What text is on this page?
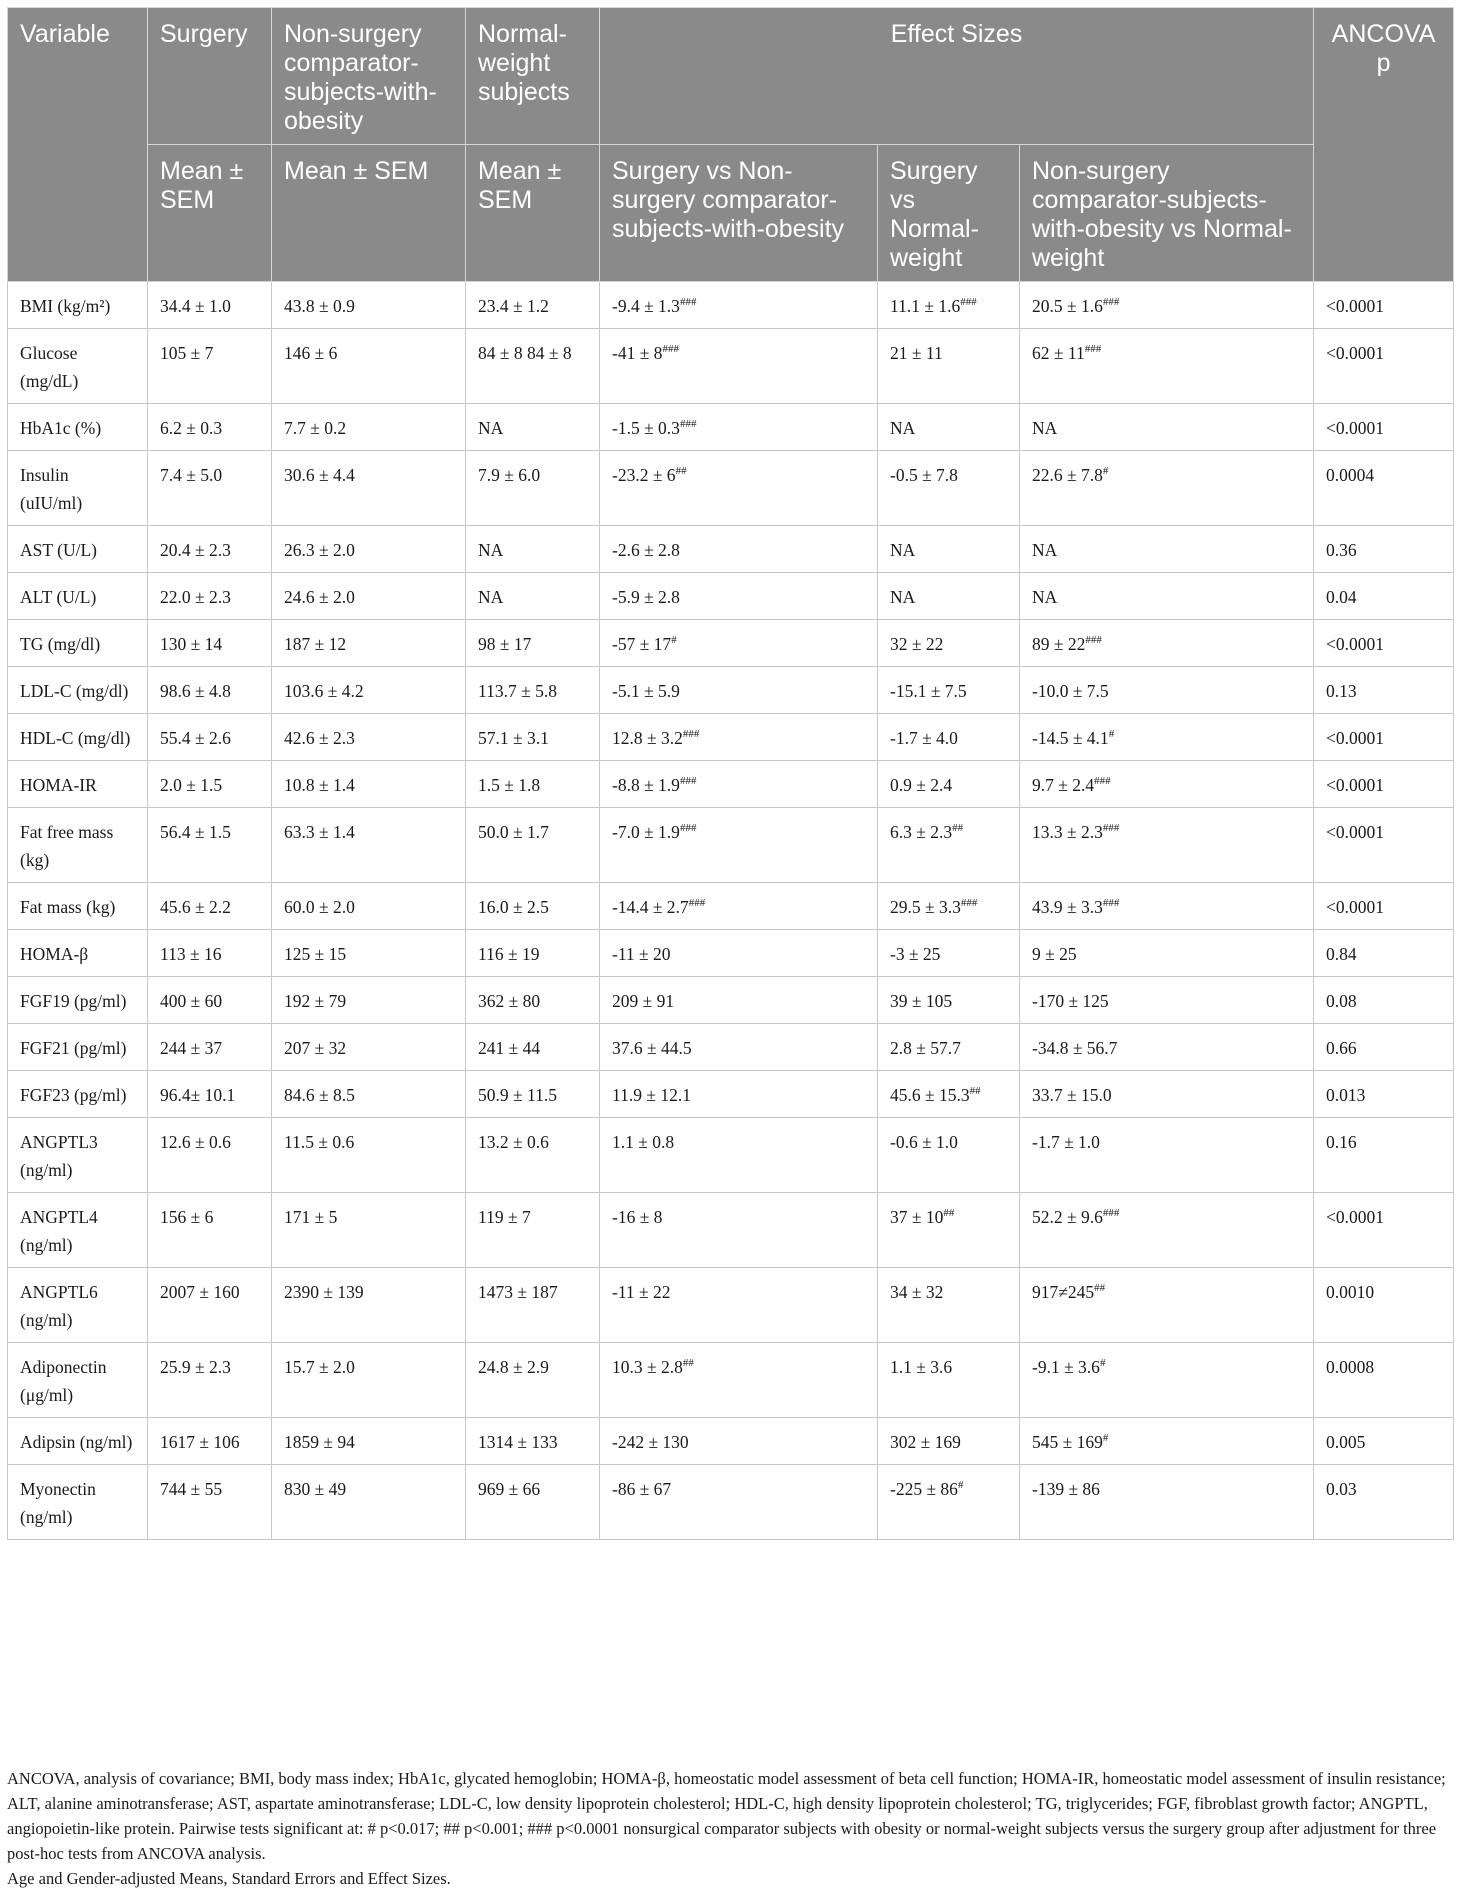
Variable	Surgery	Non-surgery comparator-subjects-with-obesity	Normal-weight subjects	Effect Sizes			ANCOVA p
	Mean ± SEM	Mean ± SEM	Mean ± SEM	Surgery vs Non-surgery comparator-subjects-with-obesity	Surgery vs Normal-weight	Non-surgery comparator-subjects-with-obesity vs Normal-weight	
BMI (kg/m²)	34.4 ± 1.0	43.8 ± 0.9	23.4 ± 1.2	-9.4 ± 1.3###	11.1 ± 1.6###	20.5 ± 1.6###	<0.0001
Glucose (mg/dL)	105 ± 7	146 ± 6	84 ± 8 84 ± 8	-41 ± 8###	21 ± 11	62 ± 11###	<0.0001
HbA1c (%)	6.2 ± 0.3	7.7 ± 0.2	NA	-1.5 ± 0.3###	NA	NA	<0.0001
Insulin (uIU/ml)	7.4 ± 5.0	30.6 ± 4.4	7.9 ± 6.0	-23.2 ± 6##	-0.5 ± 7.8	22.6 ± 7.8#	0.0004
AST (U/L)	20.4 ± 2.3	26.3 ± 2.0	NA	-2.6 ± 2.8	NA	NA	0.36
ALT (U/L)	22.0 ± 2.3	24.6 ± 2.0	NA	-5.9 ± 2.8	NA	NA	0.04
TG (mg/dl)	130 ± 14	187 ± 12	98 ± 17	-57 ± 17#	32 ± 22	89 ± 22###	<0.0001
LDL-C (mg/dl)	98.6 ± 4.8	103.6 ± 4.2	113.7 ± 5.8	-5.1 ± 5.9	-15.1 ± 7.5	-10.0 ± 7.5	0.13
HDL-C (mg/dl)	55.4 ± 2.6	42.6 ± 2.3	57.1 ± 3.1	12.8 ± 3.2###	-1.7 ± 4.0	-14.5 ± 4.1#	<0.0001
HOMA-IR	2.0 ± 1.5	10.8 ± 1.4	1.5 ± 1.8	-8.8 ± 1.9###	0.9 ± 2.4	9.7 ± 2.4###	<0.0001
Fat free mass (kg)	56.4 ± 1.5	63.3 ± 1.4	50.0 ± 1.7	-7.0 ± 1.9###	6.3 ± 2.3##	13.3 ± 2.3###	<0.0001
Fat mass (kg)	45.6 ± 2.2	60.0 ± 2.0	16.0 ± 2.5	-14.4 ± 2.7###	29.5 ± 3.3###	43.9 ± 3.3###	<0.0001
HOMA-β	113 ± 16	125 ± 15	116 ± 19	-11 ± 20	-3 ± 25	9 ± 25	0.84
FGF19 (pg/ml)	400 ± 60	192 ± 79	362 ± 80	209 ± 91	39 ± 105	-170 ± 125	0.08
FGF21 (pg/ml)	244 ± 37	207 ± 32	241 ± 44	37.6 ± 44.5	2.8 ± 57.7	-34.8 ± 56.7	0.66
FGF23 (pg/ml)	96.4± 10.1	84.6 ± 8.5	50.9 ± 11.5	11.9 ± 12.1	45.6 ± 15.3##	33.7 ± 15.0	0.013
ANGPTL3 (ng/ml)	12.6 ± 0.6	11.5 ± 0.6	13.2 ± 0.6	1.1 ± 0.8	-0.6 ± 1.0	-1.7 ± 1.0	0.16
ANGPTL4 (ng/ml)	156 ± 6	171 ± 5	119 ± 7	-16 ± 8	37 ± 10##	52.2 ± 9.6###	<0.0001
ANGPTL6 (ng/ml)	2007 ± 160	2390 ± 139	1473 ± 187	-11 ± 22	34 ± 32	917≠245##	0.0010
Adiponectin (μg/ml)	25.9 ± 2.3	15.7 ± 2.0	24.8 ± 2.9	10.3 ± 2.8##	1.1 ± 3.6	-9.1 ± 3.6#	0.0008
Adipsin (ng/ml)	1617 ± 106	1859 ± 94	1314 ± 133	-242 ± 130	302 ± 169	545 ± 169#	0.005
Myonectin (ng/ml)	744 ± 55	830 ± 49	969 ± 66	-86 ± 67	-225 ± 86#	-139 ± 86	0.03

ANCOVA, analysis of covariance; BMI, body mass index; HbA1c, glycated hemoglobin; HOMA-β, homeostatic model assessment of beta cell function; HOMA-IR, homeostatic model assessment of insulin resistance; ALT, alanine aminotransferase; AST, aspartate aminotransferase; LDL-C, low density lipoprotein cholesterol; HDL-C, high density lipoprotein cholesterol; TG, triglycerides; FGF, fibroblast growth factor; ANGPTL, angiopoietin-like protein. Pairwise tests significant at: # p<0.017; ## p<0.001; ### p<0.0001 nonsurgical comparator subjects with obesity or normal-weight subjects versus the surgery group after adjustment for three post-hoc tests from ANCOVA analysis.

Age and Gender-adjusted Means, Standard Errors and Effect Sizes.
